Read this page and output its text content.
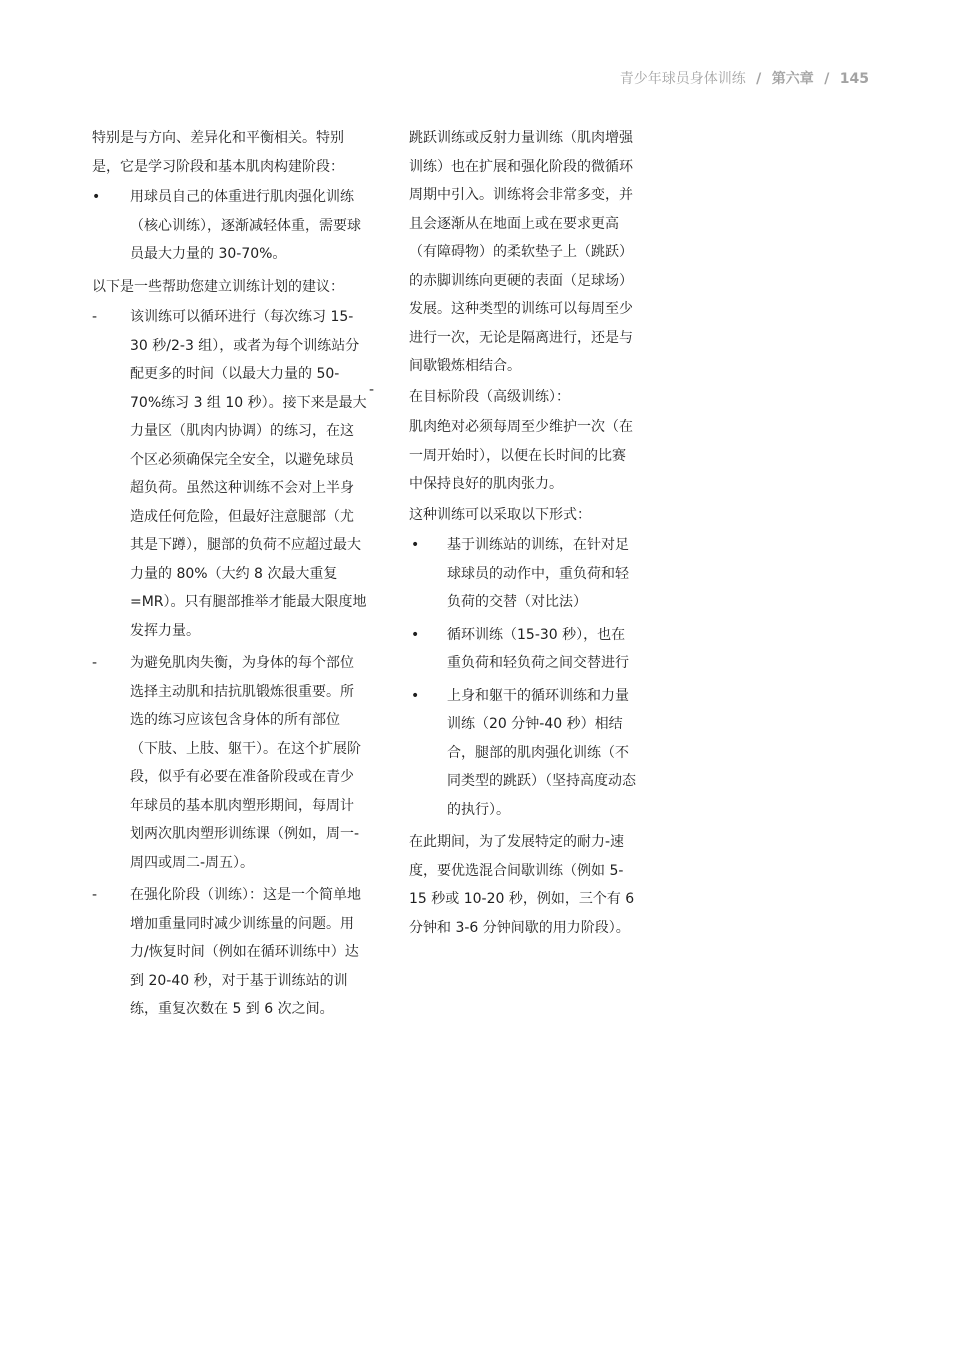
青少年球员身体训练 / 第六章 / 145

特别是与方向、差异化和平衡相关。特别是，它是学习阶段和基本肌肉构建阶段：

• 用球员自己的体重进行肌肉强化训练（核心训练），逐渐减轻体重，需要球员最大力量的 30-70%。

以下是一些帮助您建立训练计划的建议：

- 该训练可以循环进行（每次练习 15-30 秒/2-3 组），或者为每个训练站分配更多的时间（以最大力量的 50-70%练习 3 组 10 秒）。接下来是最大力量区（肌肉内协调）的练习，在这个区必须确保完全安全，以避免球员超负荷。虽然这种训练不会对上半身造成任何危险，但最好注意腿部（尤其是下蹲），腿部的负荷不应超过最大力量的 80%（大约 8 次最大重复=MR）。只有腿部推举才能最大限度地发挥力量。
- 为避免肌肉失衡，为身体的每个部位选择主动肌和拮抗肌锻炼很重要。所选的练习应该包含身体的所有部位（下肢、上肢、躯干）。在这个扩展阶段，似乎有必要在准备阶段或在青少年球员的基本肌肉塑形期间，每周计划两次肌肉塑形训练课（例如，周一-周四或周二-周五）。
- 在强化阶段（训练）：这是一个简单地增加重量同时减少训练量的问题。用力/恢复时间（例如在循环训练中）达到 20-40 秒，对于基于训练站的训练，重复次数在 5 到 6 次之间。
-

跳跃训练或反射力量训练（肌肉增强训练）也在扩展和强化阶段的微循环周期中引入。训练将会非常多变，并且会逐渐从在地面上或在要求更高（有障碍物）的柔软垫子上（跳跃）的赤脚训练向更硬的表面（足球场）发展。这种类型的训练可以每周至少进行一次，无论是隔离进行，还是与间歇锻炼相结合。

在目标阶段（高级训练）：

肌肉绝对必须每周至少维护一次（在一周开始时），以便在长时间的比赛中保持良好的肌肉张力。

这种训练可以采取以下形式：

• 基于训练站的训练，在针对足球球员的动作中，重负荷和轻负荷的交替（对比法）
• 循环训练（15-30 秒），也在重负荷和轻负荷之间交替进行
• 上身和躯干的循环训练和力量训练（20 分钟-40 秒）相结合，腿部的肌肉强化训练（不同类型的跳跃）（坚持高度动态的执行）。

在此期间，为了发展特定的耐力-速度，要优选混合间歇训练（例如 5-15 秒或 10-20 秒，例如，三个有 6 分钟和 3-6 分钟间歇的用力阶段）。
